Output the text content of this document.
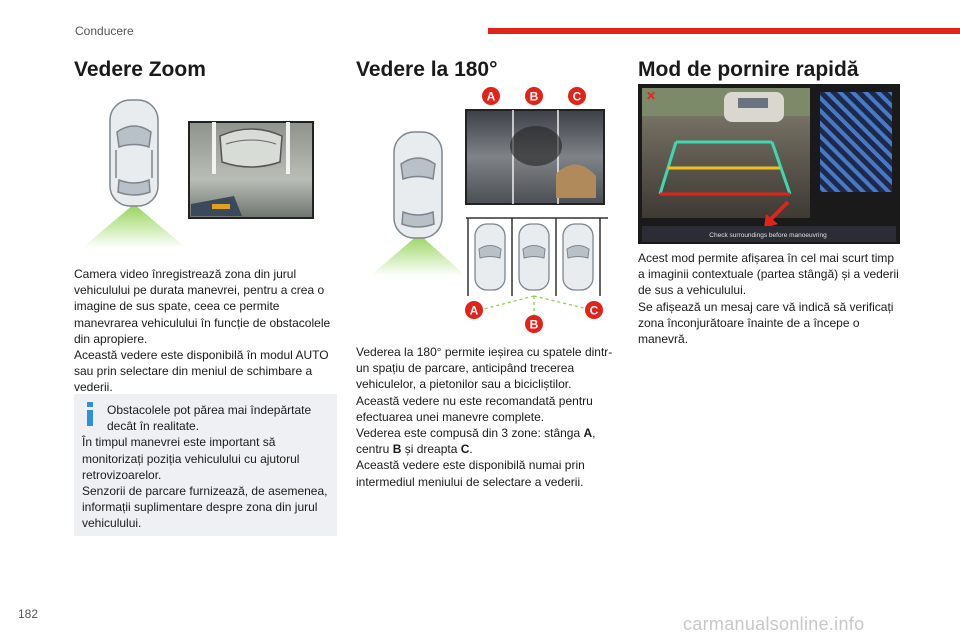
Conducere
Vedere Zoom

Camera video înregistrează zona din jurul vehiculului pe durata manevrei, pentru a crea o imagine de sus spate, ceea ce permite manevrarea vehiculului în funcție de obstacolele din apropiere.

Această vedere este disponibilă în modul AUTO sau prin selectare din meniul de schimbare a vederii.

Obstacolele pot părea mai îndepărtate decât în realitate.

În timpul manevrei este important să monitorizați poziția vehiculului cu ajutorul retrovizoarelor.

Senzorii de parcare furnizează, de asemenea, informații suplimentare despre zona din jurul vehiculului.

Vedere la 180°
A	B	C
A	C
B

Vederea la 180° permite ieșirea cu spatele dintr-un spațiu de parcare, anticipând trecerea vehiculelor, a pietonilor sau a bicicliștilor.

Această vedere nu este recomandată pentru efectuarea unei manevre complete.

Vederea este compusă din 3 zone: stânga A, centru B și dreapta C.

Această vedere este disponibilă numai prin intermediul meniului de selectare a vederii.

Mod de pornire rapidă
✕
Check surroundings before manoeuvring

Acest mod permite afișarea în cel mai scurt timp a imaginii contextuale (partea stângă) și a vederii de sus a vehiculului.

Se afișează un mesaj care vă indică să verificați zona înconjurătoare înainte de a începe o manevră.

182	carmanualsonline.info
